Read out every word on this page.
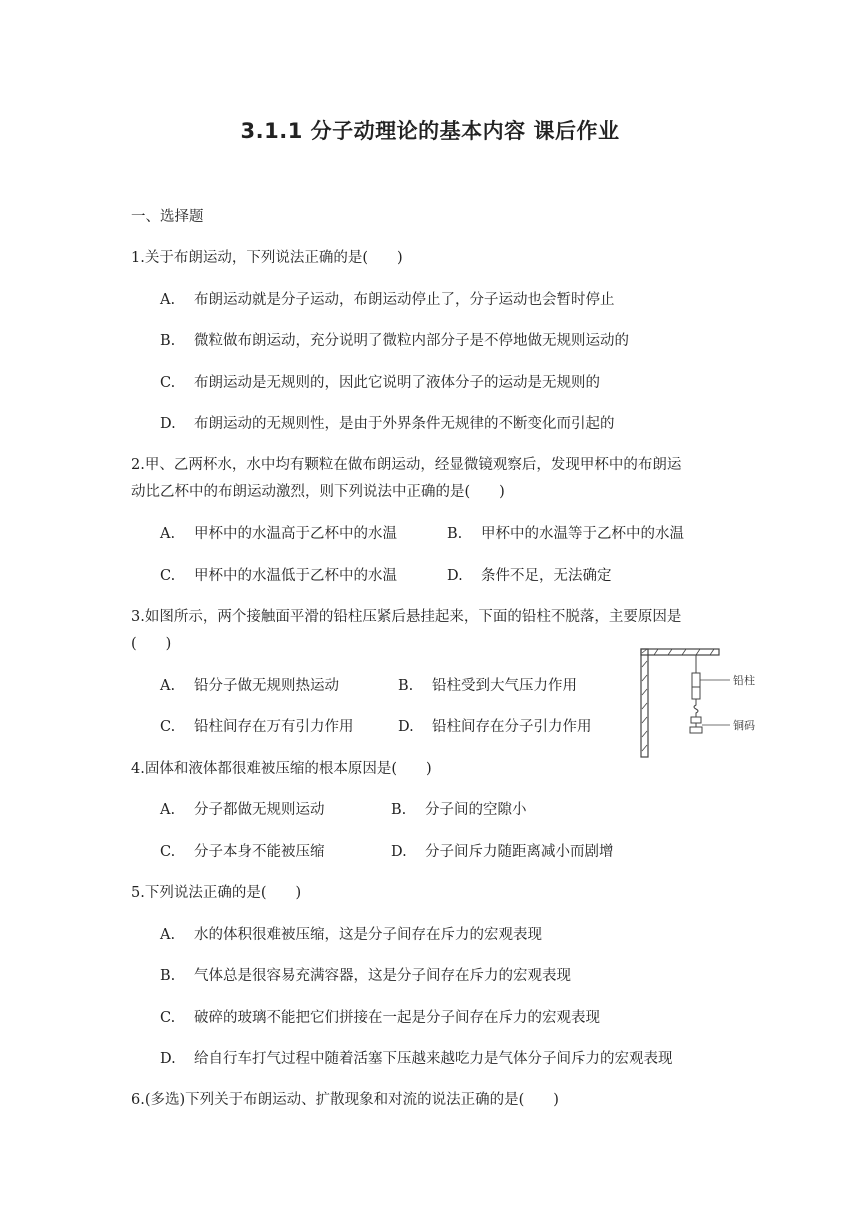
3.1.1 分子动理论的基本内容 课后作业
一、选择题
1.关于布朗运动，下列说法正确的是(　　)
A. 布朗运动就是分子运动，布朗运动停止了，分子运动也会暂时停止
B. 微粒做布朗运动，充分说明了微粒内部分子是不停地做无规则运动的
C. 布朗运动是无规则的，因此它说明了液体分子的运动是无规则的
D. 布朗运动的无规则性，是由于外界条件无规律的不断变化而引起的
2.甲、乙两杯水，水中均有颗粒在做布朗运动，经显微镜观察后，发现甲杯中的布朗运
动比乙杯中的布朗运动激烈，则下列说法中正确的是(　　)
A. 甲杯中的水温高于乙杯中的水温	B. 甲杯中的水温等于乙杯中的水温
C. 甲杯中的水温低于乙杯中的水温	D. 条件不足，无法确定
3.如图所示，两个接触面平滑的铅柱压紧后悬挂起来，下面的铅柱不脱落，主要原因是
(　　)
A. 铅分子做无规则热运动	B. 铅柱受到大气压力作用
C. 铅柱间存在万有引力作用	D. 铅柱间存在分子引力作用
铅柱
铜码
4.固体和液体都很难被压缩的根本原因是(　　)
A. 分子都做无规则运动	B. 分子间的空隙小
C. 分子本身不能被压缩	D. 分子间斥力随距离减小而剧增
5.下列说法正确的是(　　)
A. 水的体积很难被压缩，这是分子间存在斥力的宏观表现
B. 气体总是很容易充满容器，这是分子间存在斥力的宏观表现
C. 破碎的玻璃不能把它们拼接在一起是分子间存在斥力的宏观表现
D. 给自行车打气过程中随着活塞下压越来越吃力是气体分子间斥力的宏观表现
6.(多选)下列关于布朗运动、扩散现象和对流的说法正确的是(　　)
